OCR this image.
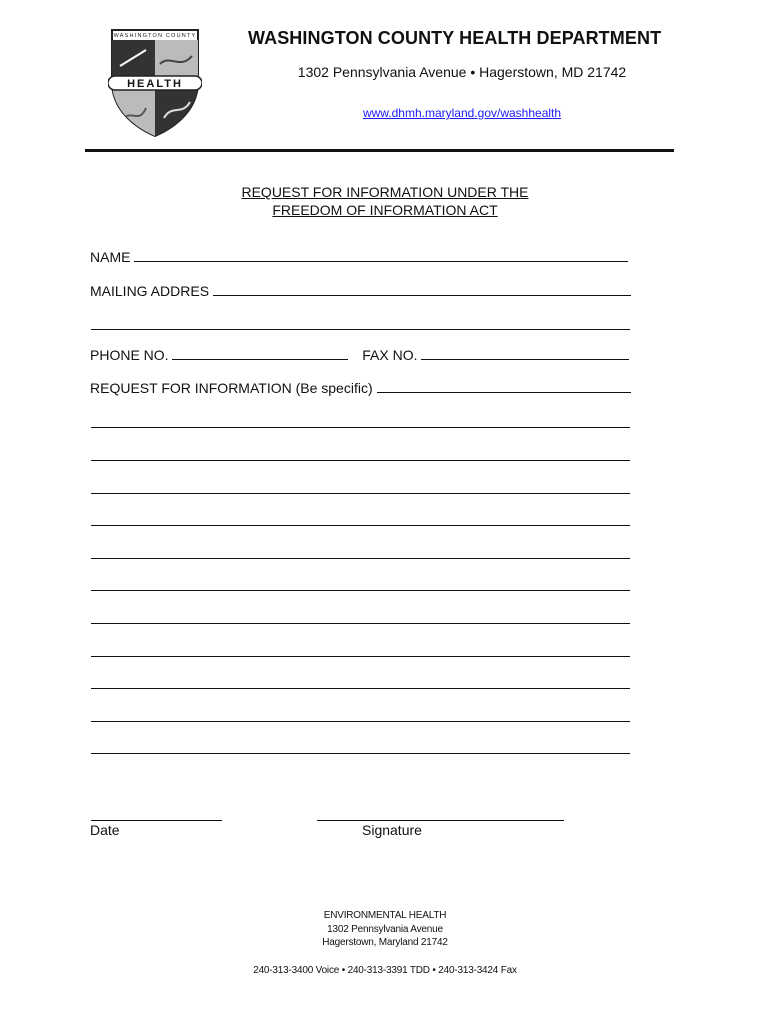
WASHINGTON COUNTY
HEALTH
WASHINGTON COUNTY HEALTH DEPARTMENT
1302 Pennsylvania Avenue • Hagerstown, MD 21742
www.dhmh.maryland.gov/washhealth
REQUEST FOR INFORMATION UNDER THE
FREEDOM OF INFORMATION ACT
NAME
MAILING ADDRES
PHONE NO.	FAX NO.
REQUEST FOR INFORMATION (Be specific)
Date	Signature
ENVIRONMENTAL HEALTH
1302 Pennsylvania Avenue
Hagerstown, Maryland 21742
240-313-3400 Voice • 240-313-3391 TDD • 240-313-3424 Fax
